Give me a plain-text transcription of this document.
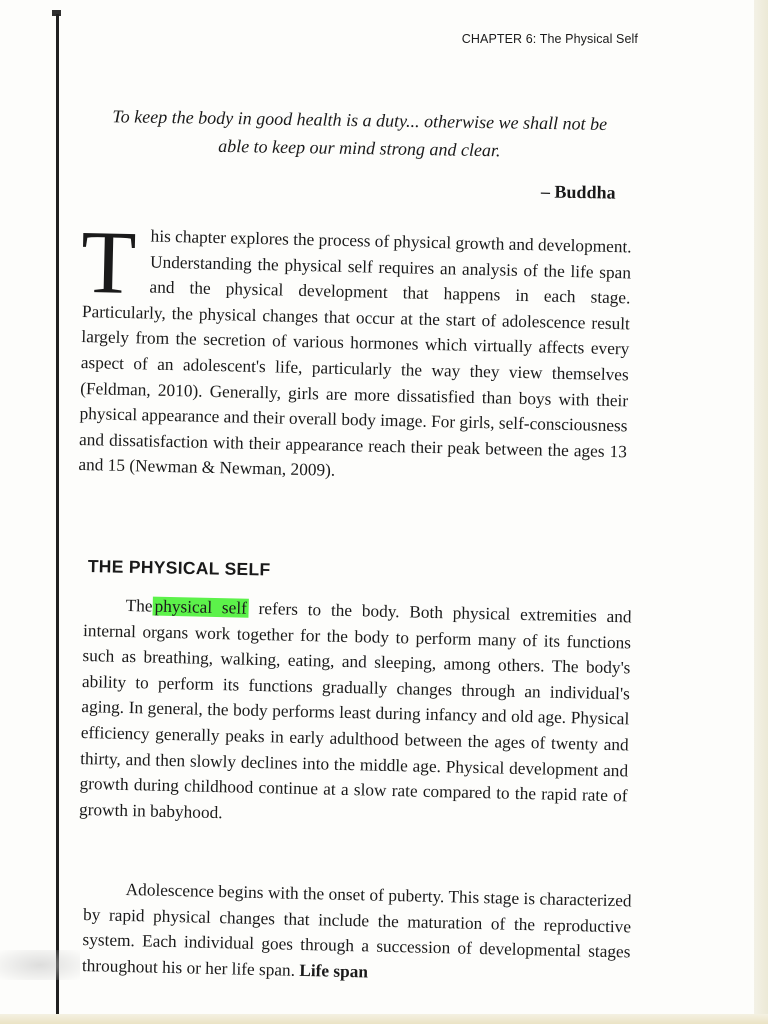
CHAPTER 6: The Physical Self
To keep the body in good health is a duty... otherwise we shall not be able to keep our mind strong and clear.
– Buddha
This chapter explores the process of physical growth and development. Understanding the physical self requires an analysis of the life span and the physical development that happens in each stage. Particularly, the physical changes that occur at the start of adolescence result largely from the secretion of various hormones which virtually affects every aspect of an adolescent's life, particularly the way they view themselves (Feldman, 2010). Generally, girls are more dissatisfied than boys with their physical appearance and their overall body image. For girls, self-consciousness and dissatisfaction with their appearance reach their peak between the ages 13 and 15 (Newman & Newman, 2009).
THE PHYSICAL SELF
Thephysical self refers to the body. Both physical extremities and internal organs work together for the body to perform many of its functions such as breathing, walking, eating, and sleeping, among others. The body's ability to perform its functions gradually changes through an individual's aging. In general, the body performs least during infancy and old age. Physical efficiency generally peaks in early adulthood between the ages of twenty and thirty, and then slowly declines into the middle age. Physical development and growth during childhood continue at a slow rate compared to the rapid rate of growth in babyhood.
Adolescence begins with the onset of puberty. This stage is characterized by rapid physical changes that include the maturation of the reproductive system. Each individual goes through a succession of developmental stages throughout his or her life span. Life span
